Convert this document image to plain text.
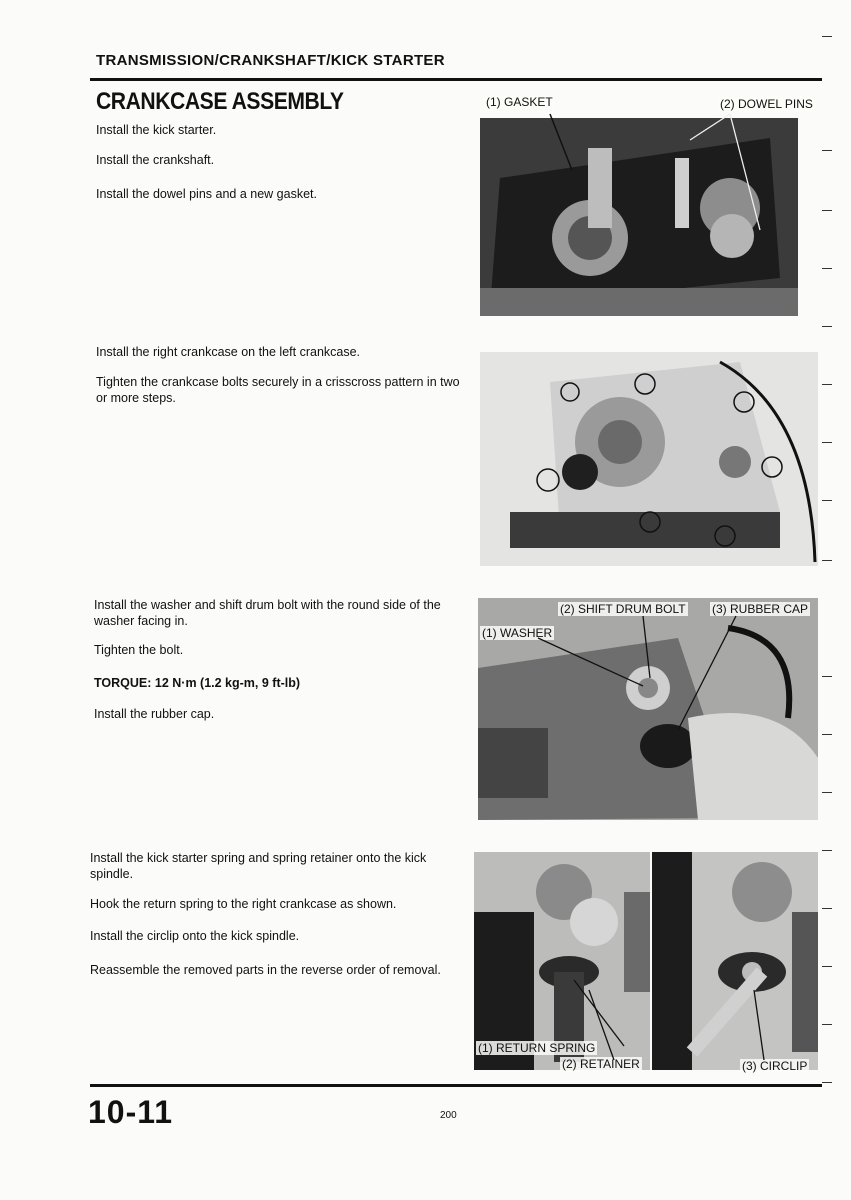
TRANSMISSION/CRANKSHAFT/KICK STARTER
CRANKCASE ASSEMBLY
Install the kick starter.
Install the crankshaft.
Install the dowel pins and a new gasket.
(1) GASKET	(2) DOWEL PINS
Install the right crankcase on the left crankcase.
Tighten the crankcase bolts securely in a crisscross pattern in two or more steps.
Install the washer and shift drum bolt with the round side of the washer facing in.
Tighten the bolt.
TORQUE: 12 N·m (1.2 kg-m, 9 ft-lb)
Install the rubber cap.
(2) SHIFT DRUM BOLT (3) RUBBER CAP
(1) WASHER
Install the kick starter spring and spring retainer onto the kick spindle.
Hook the return spring to the right crankcase as shown.
Install the circlip onto the kick spindle.
Reassemble the removed parts in the reverse order of removal.
(1) RETURN SPRING
(2) RETAINER	(3) CIRCLIP
10-11	200
